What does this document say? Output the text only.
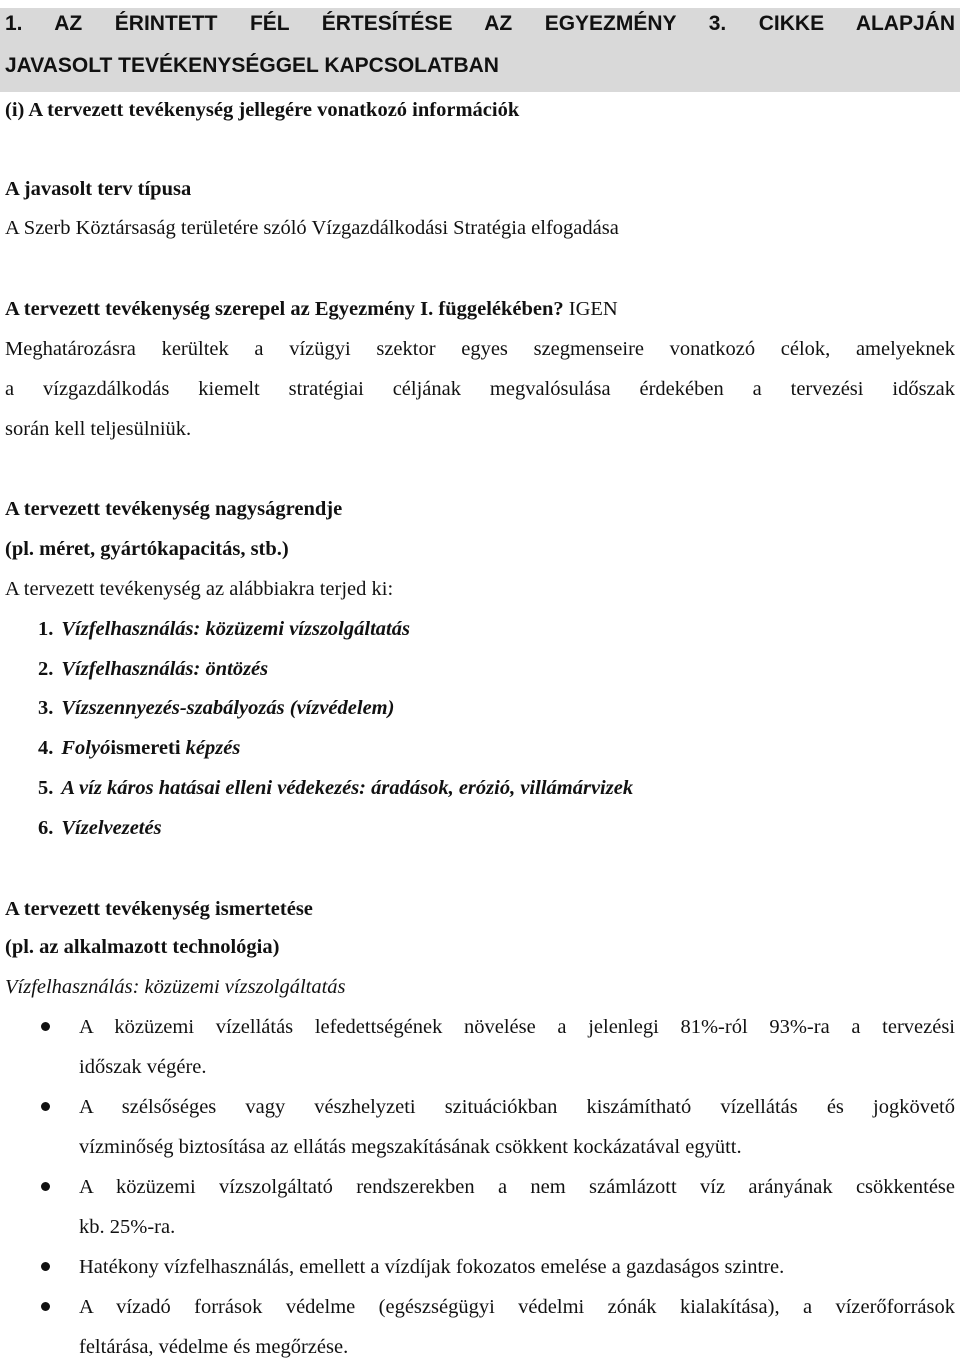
1. AZ ÉRINTETT FÉL ÉRTESÍTÉSE AZ EGYEZMÉNY 3. CIKKE ALAPJÁN
JAVASOLT TEVÉKENYSÉGGEL KAPCSOLATBAN
(i) A tervezett tevékenység jellegére vonatkozó információk
A javasolt terv típusa
A Szerb Köztársaság területére szóló Vízgazdálkodási Stratégia elfogadása
A tervezett tevékenység szerepel az Egyezmény I. függelékében? IGEN
Meghatározásra kerültek a vízügyi szektor egyes szegmenseire vonatkozó célok, amelyeknek
a vízgazdálkodás kiemelt stratégiai céljának megvalósulása érdekében a tervezési időszak
során kell teljesülniük.
A tervezett tevékenység nagyságrendje
(pl. méret, gyártókapacitás, stb.)
A tervezett tevékenység az alábbiakra terjed ki:
1. Vízfelhasználás: közüzemi vízszolgáltatás
2. Vízfelhasználás: öntözés
3. Vízszennyezés-szabályozás (vízvédelem)
4. Folyóismereti képzés
5. A víz káros hatásai elleni védekezés: áradások, erózió, villámárvizek
6. Vízelvezetés
A tervezett tevékenység ismertetése
(pl. az alkalmazott technológia)
Vízfelhasználás: közüzemi vízszolgáltatás
A közüzemi vízellátás lefedettségének növelése a jelenlegi 81%-ról 93%-ra a tervezési
időszak végére.
A szélsőséges vagy vészhelyzeti szituációkban kiszámítható vízellátás és jogkövető
vízminőség biztosítása az ellátás megszakításának csökkent kockázatával együtt.
A közüzemi vízszolgáltató rendszerekben a nem számlázott víz arányának csökkentése
kb. 25%-ra.
Hatékony vízfelhasználás, emellett a vízdíjak fokozatos emelése a gazdaságos szintre.
A vízadó források védelme (egészségügyi védelmi zónák kialakítása), a vízerőforrások
feltárása, védelme és megőrzése.
